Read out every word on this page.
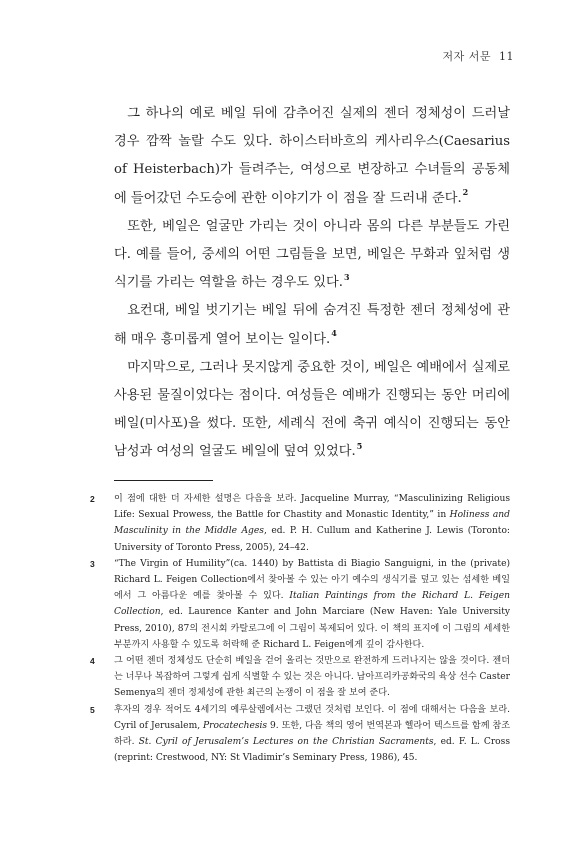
저자 서문 11

그 하나의 예로 베일 뒤에 감추어진 실제의 젠더 정체성이 드러날 경우 깜짝 놀랄 수도 있다. 하이스터바흐의 케사리우스(Caesarius of Heisterbach)가 들려주는, 여성으로 변장하고 수녀들의 공동체에 들어갔던 수도승에 관한 이야기가 이 점을 잘 드러내 준다.$^2$

또한, 베일은 얼굴만 가리는 것이 아니라 몸의 다른 부분들도 가린다. 예를 들어, 중세의 어떤 그림들을 보면, 베일은 무화과 잎처럼 생식기를 가리는 역할을 하는 경우도 있다.$^3$

요컨대, 베일 벗기기는 베일 뒤에 숨겨진 특정한 젠더 정체성에 관해 매우 흥미롭게 열어 보이는 일이다.$^4$

마지막으로, 그러나 못지않게 중요한 것이, 베일은 예배에서 실제로 사용된 물질이었다는 점이다. 여성들은 예배가 진행되는 동안 머리에 베일(미사포)을 썼다. 또한, 세례식 전에 축귀 예식이 진행되는 동안 남성과 여성의 얼굴도 베일에 덮여 있었다.$^5$

2	이 점에 대한 더 자세한 설명은 다음을 보라. Jacqueline Murray, “Masculinizing Religious Life: Sexual Prowess, the Battle for Chastity and Monastic Identity,” in Holiness and Masculinity in the Middle Ages, ed. P. H. Cullum and Katherine J. Lewis (Toronto: University of Toronto Press, 2005), 24–42.
3	“The Virgin of Humility”(ca. 1440) by Battista di Biagio Sanguigni, in the (private) Richard L. Feigen Collection에서 찾아볼 수 있는 아기 예수의 생식기를 덮고 있는 섬세한 베일에서 그 아름다운 예를 찾아볼 수 있다. Italian Paintings from the Richard L. Feigen Collection, ed. Laurence Kanter and John Marciare (New Haven: Yale University Press, 2010), 87의 전시회 카탈로그에 이 그림이 복제되어 있다. 이 책의 표지에 이 그림의 세세한 부분까지 사용할 수 있도록 허락해 준 Richard L. Feigen에게 깊이 감사한다.
4	그 어떤 젠더 정체성도 단순히 베일을 걷어 올리는 것만으로 완전하게 드러나지는 않을 것이다. 젠더는 너무나 복잡하여 그렇게 쉽게 식별할 수 있는 것은 아니다. 남아프리카공화국의 육상 선수 Caster Semenya의 젠더 정체성에 관한 최근의 논쟁이 이 점을 잘 보여 준다.
5	후자의 경우 적어도 4세기의 예루살렘에서는 그랬던 것처럼 보인다. 이 점에 대해서는 다음을 보라. Cyril of Jerusalem, Procatechesis 9. 또한, 다음 책의 영어 번역본과 헬라어 텍스트를 함께 참조하라. St. Cyril of Jerusalem’s Lectures on the Christian Sacraments, ed. F. L. Cross (reprint: Crestwood, NY: St Vladimir’s Seminary Press, 1986), 45.
